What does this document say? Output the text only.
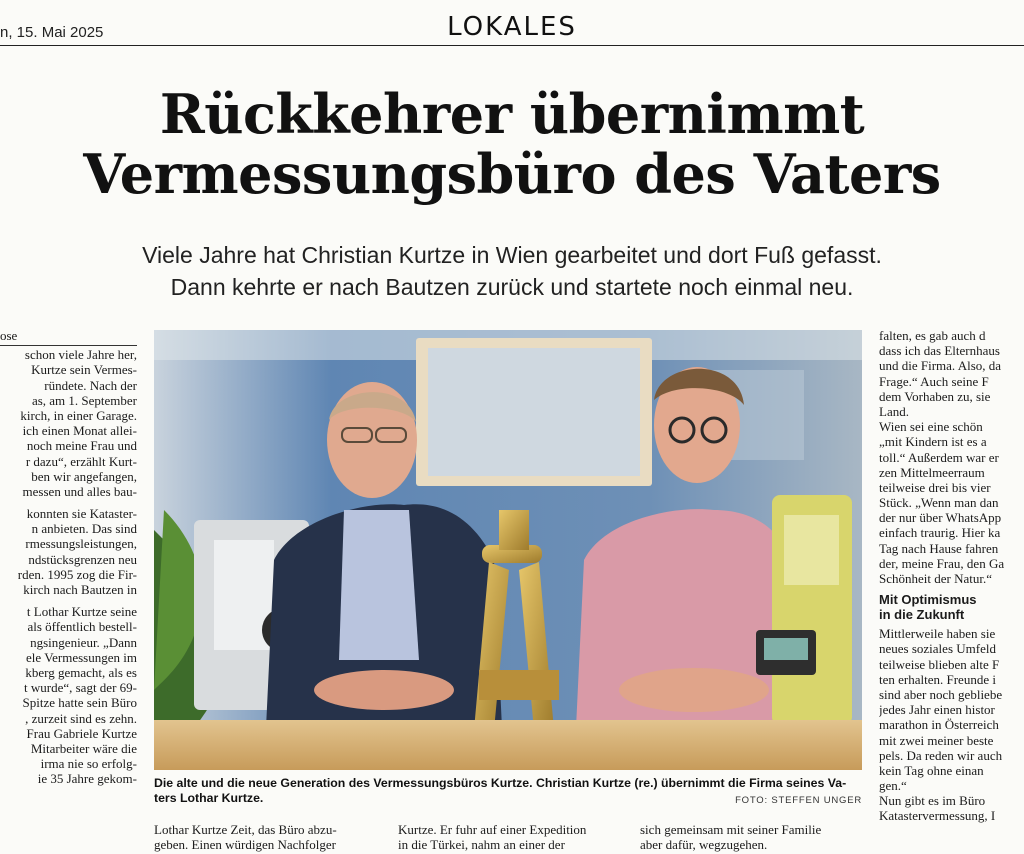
n, 15. Mai 2025	LOKALES
Rückkehrer übernimmt
Vermessungsbüro des Vaters
Viele Jahre hat Christian Kurtze in Wien gearbeitet und dort Fuß gefasst.
Dann kehrte er nach Bautzen zurück und startete noch einmal neu.
ose
schon viele Jahre her,
Kurtze sein Vermes-
ründete. Nach der
as, am 1. September
kirch, in einer Garage.
ich einen Monat allei-
noch meine Frau und
r dazu“, erzählt Kurt-
ben wir angefangen,
messen und alles bau-
konnten sie Kataster-
n anbieten. Das sind
rmessungsleistungen,
ndstücksgrenzen neu
rden. 1995 zog die Fir-
kirch nach Bautzen in
t Lothar Kurtze seine
als öffentlich bestell-
ngsingenieur. „Dann
ele Vermessungen im
kberg gemacht, als es
t wurde“, sagt der 69-
Spitze hatte sein Büro
, zurzeit sind es zehn.
Frau Gabriele Kurtze
Mitarbeiter wäre die
irma nie so erfolg-
ie 35 Jahre gekom- Die alte und die neue Generation des Vermessungsbüros Kurtze. Christian Kurtze (re.) übernimmt die Firma seines Va-
ters Lothar Kurtze.	FOTO: STEFFEN UNGER
falten, es gab auch d
dass ich das Elternhaus
und die Firma. Also, da
Frage.“ Auch seine F
dem Vorhaben zu, sie
Land.
Wien sei eine schön
„mit Kindern ist es a
toll.“ Außerdem war er
zen Mittelmeerraum
teilweise drei bis vier
Stück. „Wenn man dan
der nur über WhatsApp
einfach traurig. Hier ka
Tag nach Hause fahren
der, meine Frau, den Ga
Schönheit der Natur.“
Mit Optimismus
in die Zukunft
Mittlerweile haben sie
neues soziales Umfeld
teilweise blieben alte F
ten erhalten. Freunde i
sind aber noch gebliebe
jedes Jahr einen histor
marathon in Österreich
mit zwei meiner beste
pels. Da reden wir auch
kein Tag ohne einan
gen.“
Nun gibt es im Büro
Katastervermessung, I
Lothar Kurtze Zeit, das Büro abzu-
geben. Einen würdigen Nachfolger
Kurtze. Er fuhr auf einer Expedition
in die Türkei, nahm an einer der
sich gemeinsam mit seiner Familie
aber dafür, wegzugehen.
